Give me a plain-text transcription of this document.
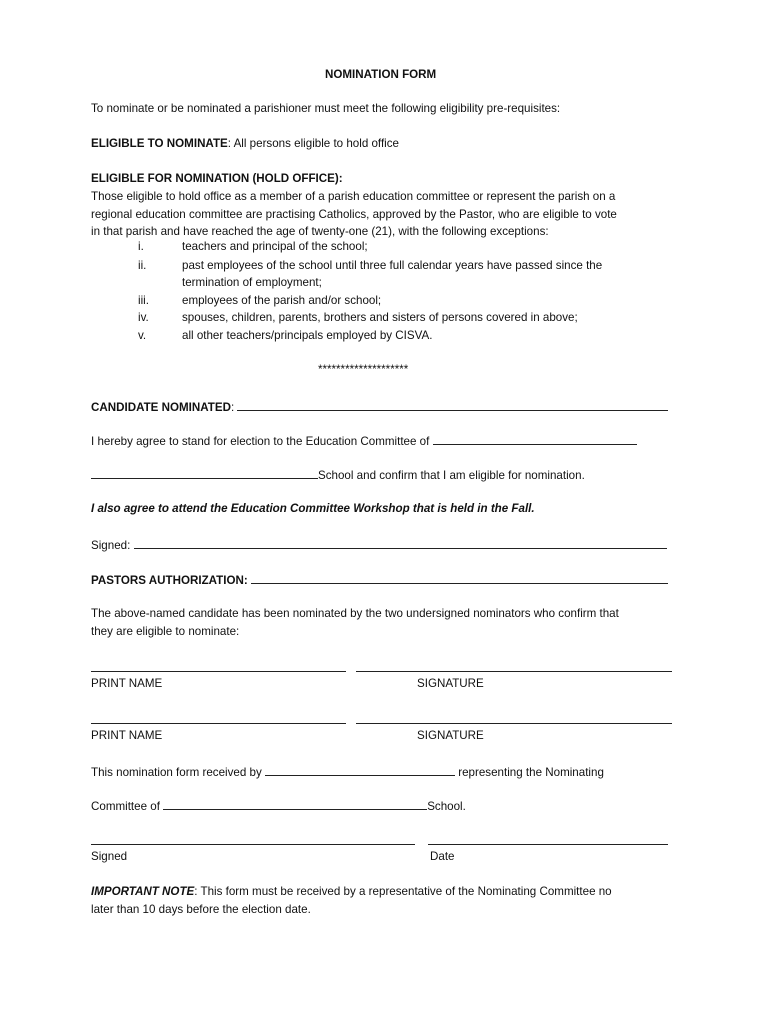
NOMINATION FORM
To nominate or be nominated a parishioner must meet the following eligibility pre-requisites:
ELIGIBLE TO NOMINATE: All persons eligible to hold office
ELIGIBLE FOR NOMINATION (HOLD OFFICE):
Those eligible to hold office as a member of a parish education committee or represent the parish on a
regional education committee are practising Catholics, approved by the Pastor, who are eligible to vote
in that parish and have reached the age of twenty-one (21), with the following exceptions:
i.	teachers and principal of the school;
ii.	past employees of the school until three full calendar years have passed since the
termination of employment;
iii.	employees of the parish and/or school;
iv.	spouses, children, parents, brothers and sisters of persons covered in above;
v.	all other teachers/principals employed by CISVA.
********************
CANDIDATE NOMINATED:
I hereby agree to stand for election to the Education Committee of
School and confirm that I am eligible for nomination.
I also agree to attend the Education Committee Workshop that is held in the Fall.
Signed:
PASTORS AUTHORIZATION:
The above-named candidate has been nominated by the two undersigned nominators who confirm that
they are eligible to nominate:
PRINT NAME	SIGNATURE
PRINT NAME	SIGNATURE
This nomination form received by	representing the Nominating
Committee of	School.
Signed	Date
IMPORTANT NOTE: This form must be received by a representative of the Nominating Committee no
later than 10 days before the election date.
